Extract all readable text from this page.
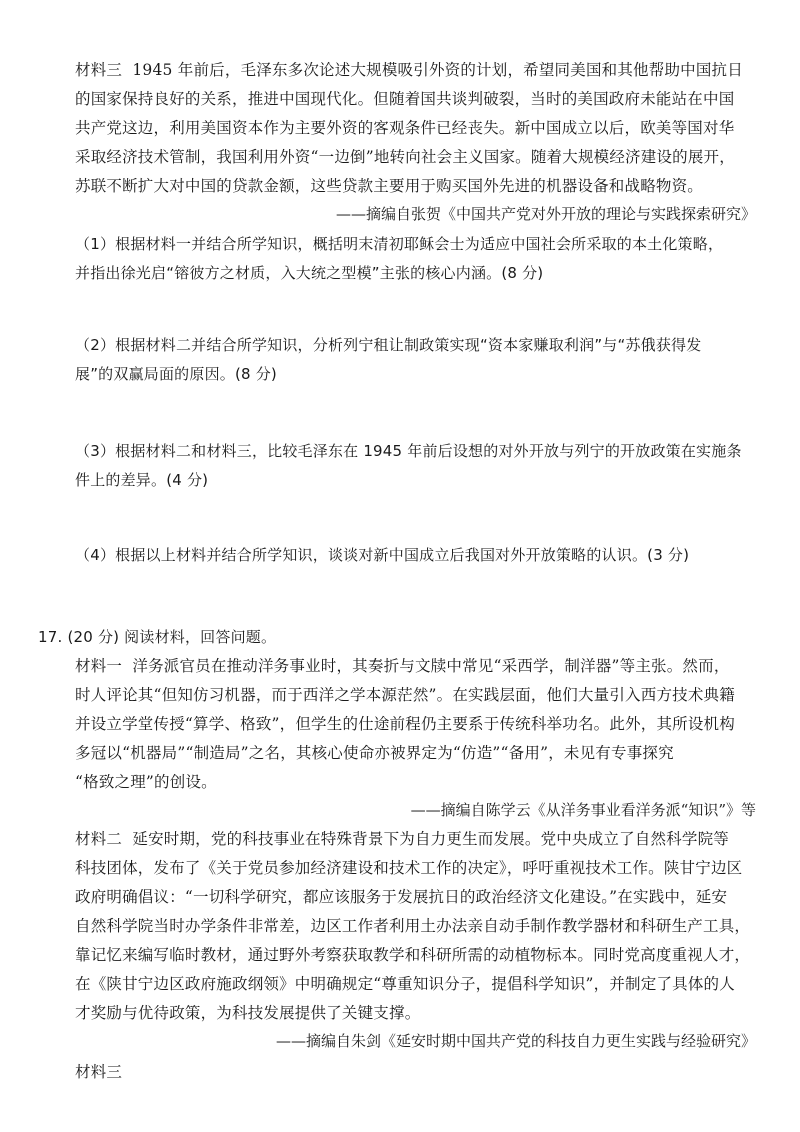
材料三 1945 年前后，毛泽东多次论述大规模吸引外资的计划，希望同美国和其他帮助中国抗日
的国家保持良好的关系，推进中国现代化。但随着国共谈判破裂，当时的美国政府未能站在中国
共产党这边，利用美国资本作为主要外资的客观条件已经丧失。新中国成立以后，欧美等国对华
采取经济技术管制，我国利用外资“一边倒”地转向社会主义国家。随着大规模经济建设的展开，
苏联不断扩大对中国的贷款金额，这些贷款主要用于购买国外先进的机器设备和战略物资。
——摘编自张贺《中国共产党对外开放的理论与实践探索研究》
（1）根据材料一并结合所学知识，概括明末清初耶稣会士为适应中国社会所采取的本土化策略，
并指出徐光启“镕彼方之材质，入大统之型模”主张的核心内涵。(8 分)
（2）根据材料二并结合所学知识，分析列宁租让制政策实现“资本家赚取利润”与“苏俄获得发
展”的双赢局面的原因。(8 分)
（3）根据材料二和材料三，比较毛泽东在 1945 年前后设想的对外开放与列宁的开放政策在实施条
件上的差异。(4 分)
（4）根据以上材料并结合所学知识，谈谈对新中国成立后我国对外开放策略的认识。(3 分)
17. (20 分) 阅读材料，回答问题。
材料一 洋务派官员在推动洋务事业时，其奏折与文牍中常见“采西学，制洋器”等主张。然而，
时人评论其“但知仿习机器，而于西洋之学本源茫然”。在实践层面，他们大量引入西方技术典籍
并设立学堂传授“算学、格致”，但学生的仕途前程仍主要系于传统科举功名。此外，其所设机构
多冠以“机器局”“制造局”之名，其核心使命亦被界定为“仿造”“备用”，未见有专事探究
“格致之理”的创设。
——摘编自陈学云《从洋务事业看洋务派“知识”》等
材料二 延安时期，党的科技事业在特殊背景下为自力更生而发展。党中央成立了自然科学院等
科技团体，发布了《关于党员参加经济建设和技术工作的决定》，呼吁重视技术工作。陕甘宁边区
政府明确倡议：“一切科学研究，都应该服务于发展抗日的政治经济文化建设。”在实践中，延安
自然科学院当时办学条件非常差，边区工作者利用土办法亲自动手制作教学器材和科研生产工具，
靠记忆来编写临时教材，通过野外考察获取教学和科研所需的动植物标本。同时党高度重视人才，
在《陕甘宁边区政府施政纲领》中明确规定“尊重知识分子，提倡科学知识”，并制定了具体的人
才奖励与优待政策，为科技发展提供了关键支撑。
——摘编自朱剑《延安时期中国共产党的科技自力更生实践与经验研究》
材料三
